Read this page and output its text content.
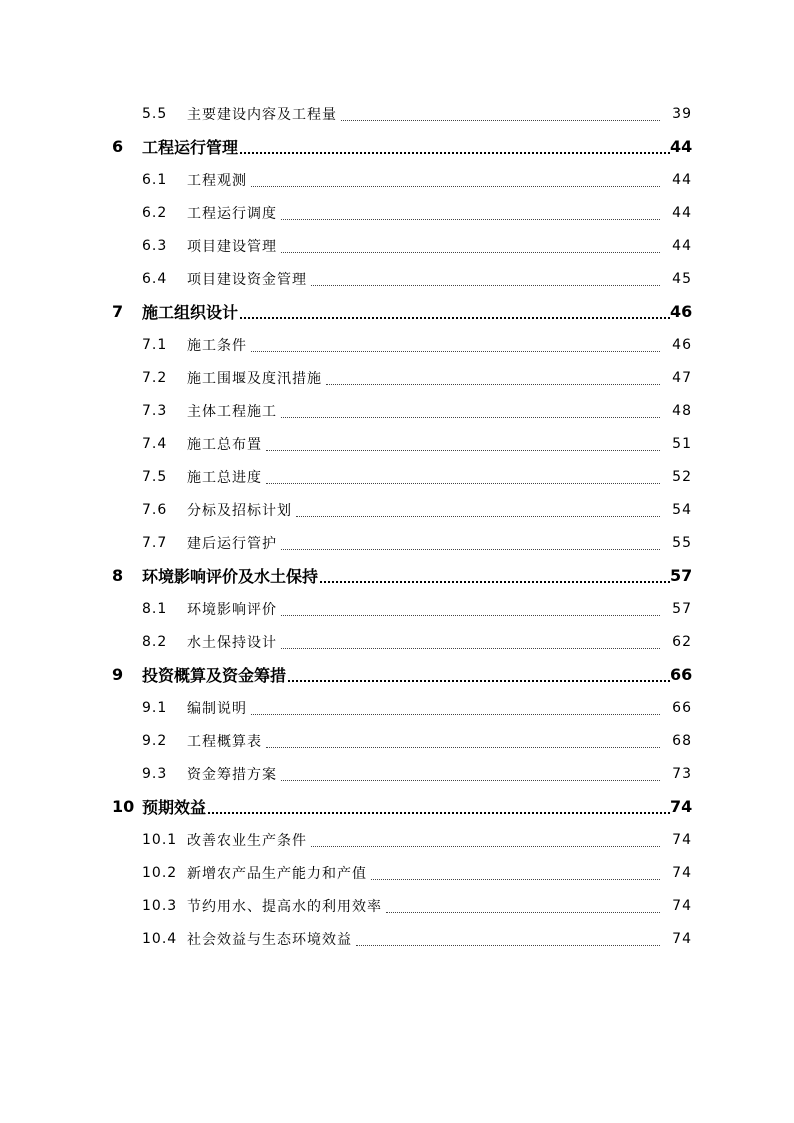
5.5	主要建设内容及工程量	39
6	工程运行管理	44
6.1	工程观测	44
6.2	工程运行调度	44
6.3	项目建设管理	44
6.4	项目建设资金管理	45
7	施工组织设计	46
7.1	施工条件	46
7.2	施工围堰及度汛措施	47
7.3	主体工程施工	48
7.4	施工总布置	51
7.5	施工总进度	52
7.6	分标及招标计划	54
7.7	建后运行管护	55
8	环境影响评价及水土保持	57
8.1	环境影响评价	57
8.2	水土保持设计	62
9	投资概算及资金筹措	66
9.1	编制说明	66
9.2	工程概算表	68
9.3	资金筹措方案	73
10 预期效益	74
10.1 改善农业生产条件	74
10.2 新增农产品生产能力和产值	74
10.3 节约用水、提高水的利用效率	74
10.4 社会效益与生态环境效益	74
